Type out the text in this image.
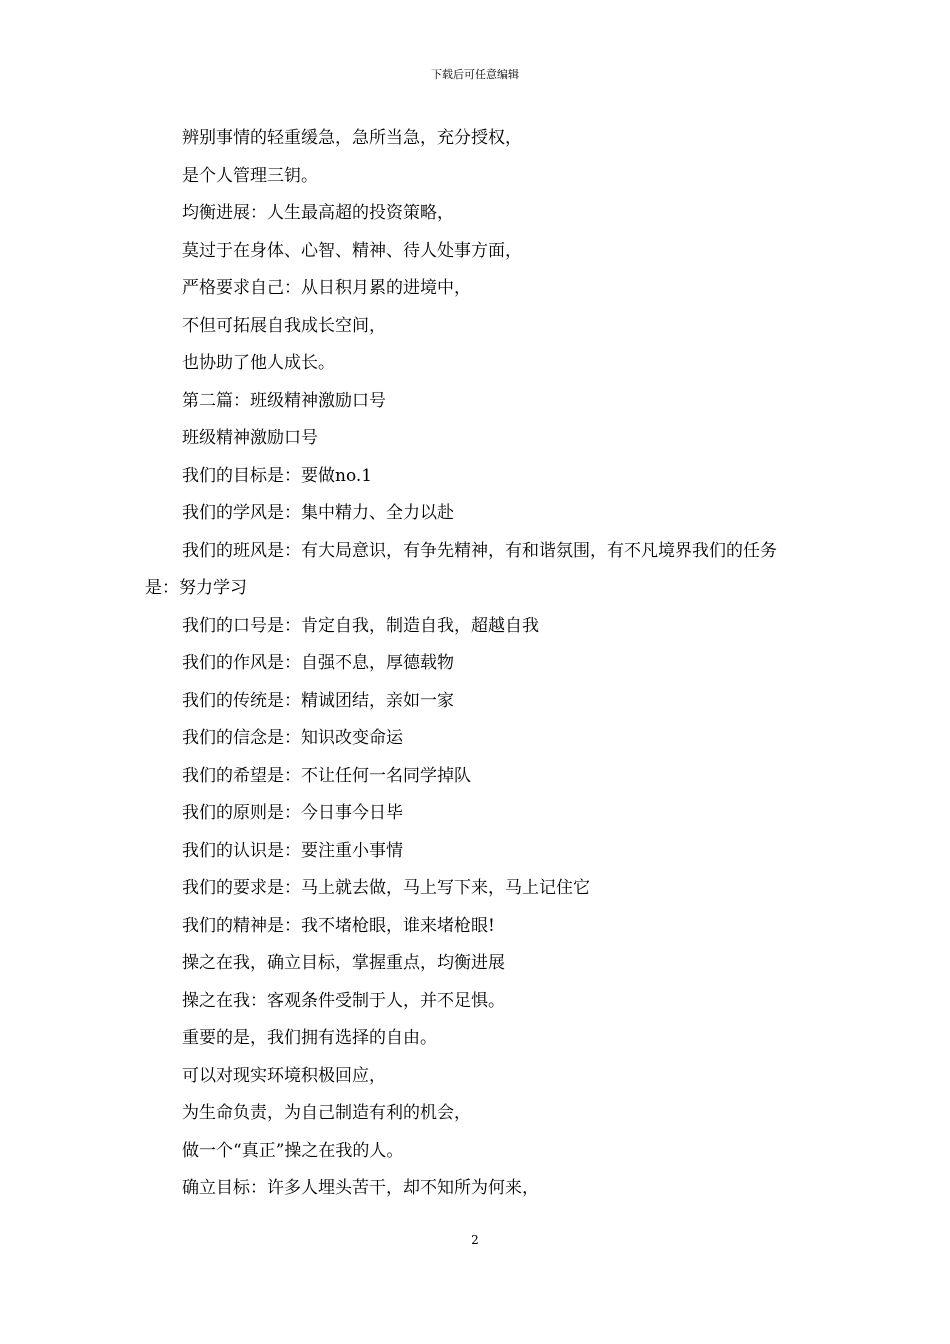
下载后可任意编辑

辨别事情的轻重缓急，急所当急，充分授权，

是个人管理三钥。

均衡进展：人生最高超的投资策略，

莫过于在身体、心智、精神、待人处事方面，

严格要求自己：从日积月累的进境中，

不但可拓展自我成长空间，

也协助了他人成长。

第二篇：班级精神激励口号

班级精神激励口号

我们的目标是：要做no.1

我们的学风是：集中精力、全力以赴

我们的班风是：有大局意识，有争先精神，有和谐氛围，有不凡境界我们的任务是：努力学习

我们的口号是：肯定自我，制造自我，超越自我

我们的作风是：自强不息，厚德载物

我们的传统是：精诚团结，亲如一家

我们的信念是：知识改变命运

我们的希望是：不让任何一名同学掉队

我们的原则是：今日事今日毕

我们的认识是：要注重小事情

我们的要求是：马上就去做，马上写下来，马上记住它

我们的精神是：我不堵枪眼，谁来堵枪眼!

操之在我，确立目标，掌握重点，均衡进展

操之在我：客观条件受制于人，并不足惧。

重要的是，我们拥有选择的自由。

可以对现实环境积极回应，

为生命负责，为自己制造有利的机会，

做一个“真正”操之在我的人。

确立目标：许多人埋头苦干，却不知所为何来，

2
